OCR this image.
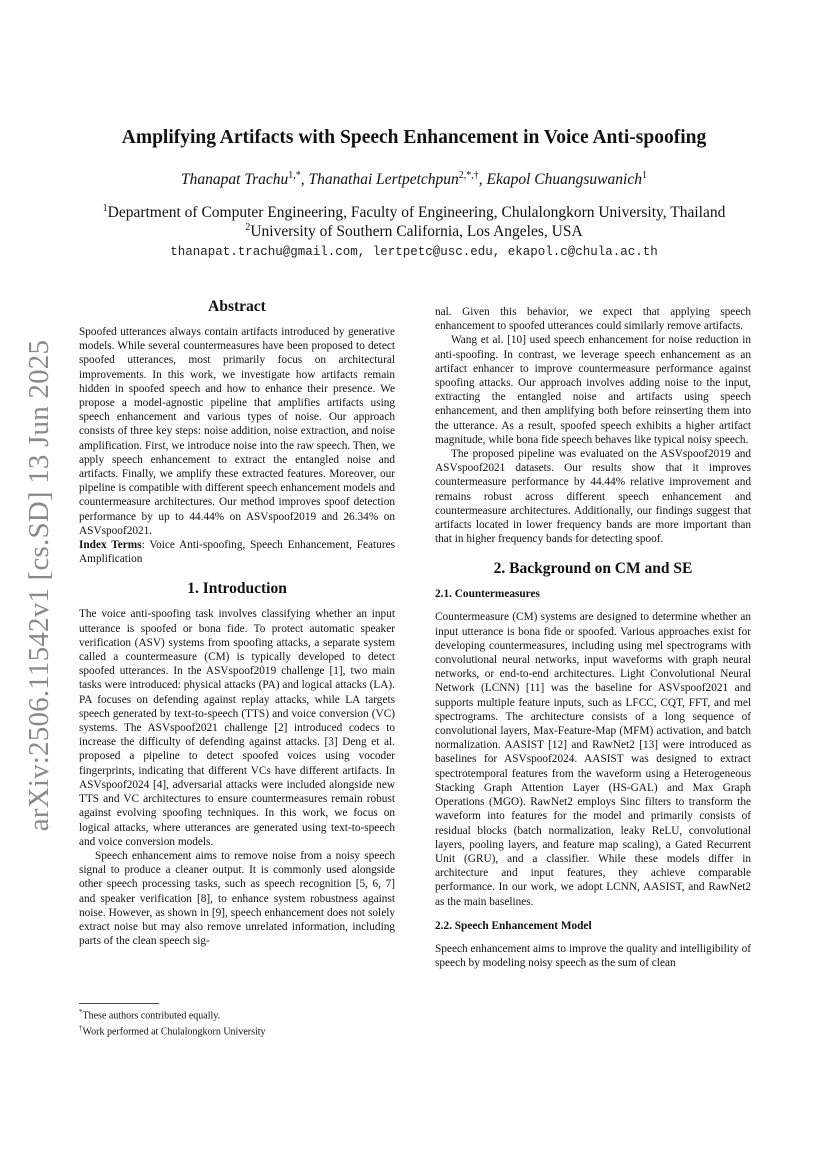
arXiv:2506.11542v1 [cs.SD] 13 Jun 2025
Amplifying Artifacts with Speech Enhancement in Voice Anti-spoofing
Thanapat Trachu$^{1,*}$, Thanathai Lertpetchpun$^{2,*,\dagger}$, Ekapol Chuangsuwanich$^1$
$^1$Department of Computer Engineering, Faculty of Engineering, Chulalongkorn University, Thailand
$^2$University of Southern California, Los Angeles, USA
thanapat.trachu@gmail.com, lertpetc@usc.edu, ekapol.c@chula.ac.th
Abstract

Spoofed utterances always contain artifacts introduced by generative models. While several countermeasures have been proposed to detect spoofed utterances, most primarily focus on architectural improvements. In this work, we investigate how artifacts remain hidden in spoofed speech and how to enhance their presence. We propose a model-agnostic pipeline that amplifies artifacts using speech enhancement and various types of noise. Our approach consists of three key steps: noise addition, noise extraction, and noise amplification. First, we introduce noise into the raw speech. Then, we apply speech enhancement to extract the entangled noise and artifacts. Finally, we amplify these extracted features. Moreover, our pipeline is compatible with different speech enhancement models and countermeasure architectures. Our method improves spoof detection performance by up to 44.44% on ASVspoof2019 and 26.34% on ASVspoof2021.

Index Terms: Voice Anti-spoofing, Speech Enhancement, Features Amplification

1. Introduction

The voice anti-spoofing task involves classifying whether an input utterance is spoofed or bona fide. To protect automatic speaker verification (ASV) systems from spoofing attacks, a separate system called a countermeasure (CM) is typically developed to detect spoofed utterances. In the ASVspoof2019 challenge [1], two main tasks were introduced: physical attacks (PA) and logical attacks (LA). PA focuses on defending against replay attacks, while LA targets speech generated by text-to-speech (TTS) and voice conversion (VC) systems. The ASVspoof2021 challenge [2] introduced codecs to increase the difficulty of defending against attacks. [3] Deng et al. proposed a pipeline to detect spoofed voices using vocoder fingerprints, indicating that different VCs have different artifacts. In ASVspoof2024 [4], adversarial attacks were included alongside new TTS and VC architectures to ensure countermeasures remain robust against evolving spoofing techniques. In this work, we focus on logical attacks, where utterances are generated using text-to-speech and voice conversion models.

Speech enhancement aims to remove noise from a noisy speech signal to produce a cleaner output. It is commonly used alongside other speech processing tasks, such as speech recognition [5, 6, 7] and speaker verification [8], to enhance system robustness against noise. However, as shown in [9], speech enhancement does not solely extract noise but may also remove unrelated information, including parts of the clean speech sig-

*These authors contributed equally.
†Work performed at Chulalongkorn University

nal. Given this behavior, we expect that applying speech enhancement to spoofed utterances could similarly remove artifacts.

Wang et al. [10] used speech enhancement for noise reduction in anti-spoofing. In contrast, we leverage speech enhancement as an artifact enhancer to improve countermeasure performance against spoofing attacks. Our approach involves adding noise to the input, extracting the entangled noise and artifacts using speech enhancement, and then amplifying both before reinserting them into the utterance. As a result, spoofed speech exhibits a higher artifact magnitude, while bona fide speech behaves like typical noisy speech.

The proposed pipeline was evaluated on the ASVspoof2019 and ASVspoof2021 datasets. Our results show that it improves countermeasure performance by 44.44% relative improvement and remains robust across different speech enhancement and countermeasure architectures. Additionally, our findings suggest that artifacts located in lower frequency bands are more important than that in higher frequency bands for detecting spoof.

2. Background on CM and SE
2.1. Countermeasures

Countermeasure (CM) systems are designed to determine whether an input utterance is bona fide or spoofed. Various approaches exist for developing countermeasures, including using mel spectrograms with convolutional neural networks, input waveforms with graph neural networks, or end-to-end architectures. Light Convolutional Neural Network (LCNN) [11] was the baseline for ASVspoof2021 and supports multiple feature inputs, such as LFCC, CQT, FFT, and mel spectrograms. The architecture consists of a long sequence of convolutional layers, Max-Feature-Map (MFM) activation, and batch normalization. AASIST [12] and RawNet2 [13] were introduced as baselines for ASVspoof2024. AASIST was designed to extract spectrotemporal features from the waveform using a Heterogeneous Stacking Graph Attention Layer (HS-GAL) and Max Graph Operations (MGO). RawNet2 employs Sinc filters to transform the waveform into features for the model and primarily consists of residual blocks (batch normalization, leaky ReLU, convolutional layers, pooling layers, and feature map scaling), a Gated Recurrent Unit (GRU), and a classifier. While these models differ in architecture and input features, they achieve comparable performance. In our work, we adopt LCNN, AASIST, and RawNet2 as the main baselines.

2.2. Speech Enhancement Model

Speech enhancement aims to improve the quality and intelligibility of speech by modeling noisy speech as the sum of clean
